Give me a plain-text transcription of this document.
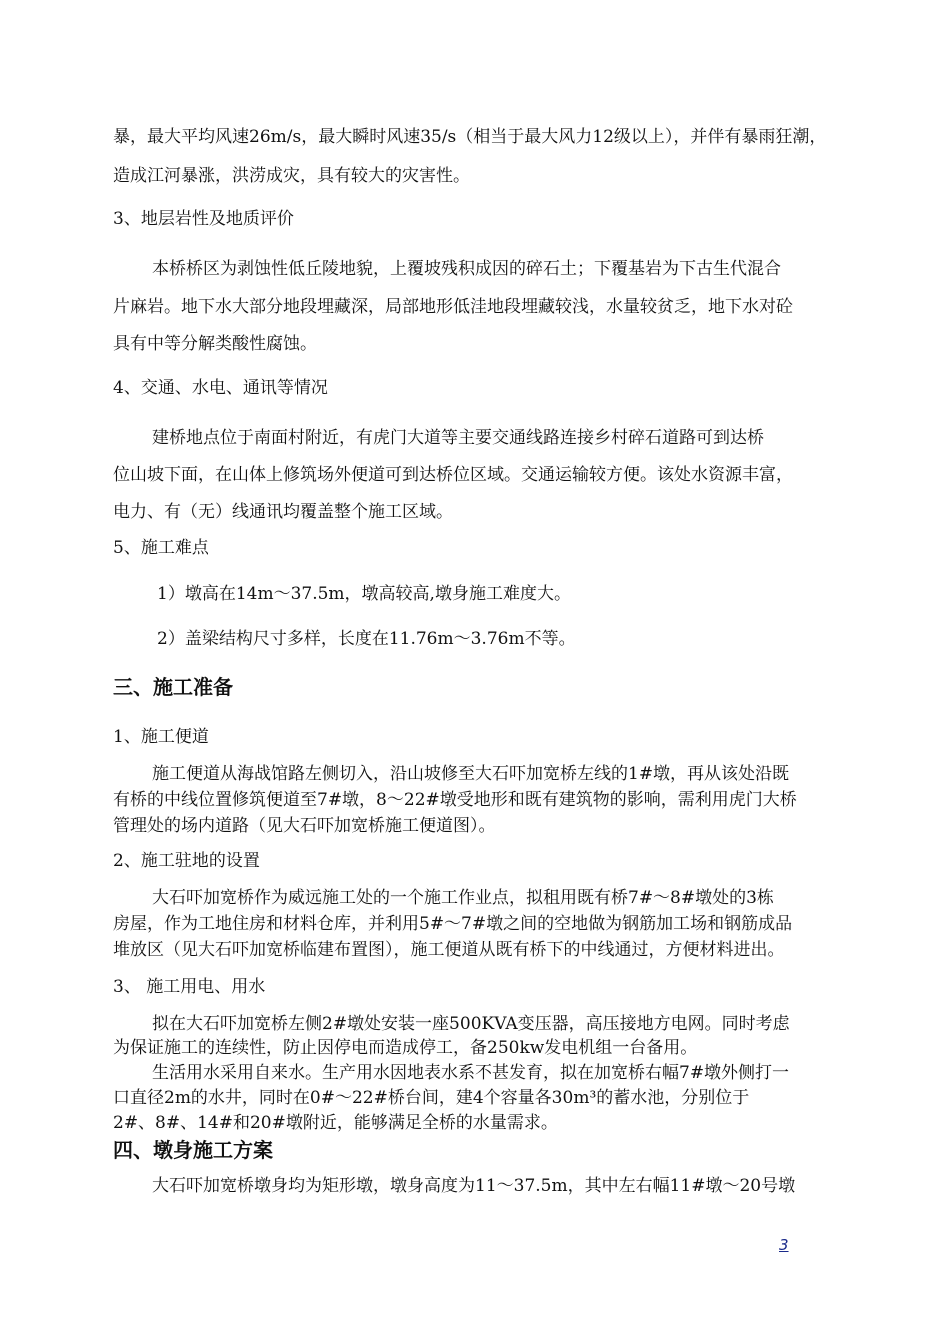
暴，最大平均风速26m/s，最大瞬时风速35/s（相当于最大风力12级以上），并伴有暴雨狂潮，
造成江河暴涨，洪涝成灾，具有较大的灾害性。
3、地层岩性及地质评价
本桥桥区为剥蚀性低丘陵地貌，上覆坡残积成因的碎石土；下覆基岩为下古生代混合
片麻岩。地下水大部分地段埋藏深，局部地形低洼地段埋藏较浅，水量较贫乏，地下水对砼
具有中等分解类酸性腐蚀。
4、交通、水电、通讯等情况
建桥地点位于南面村附近，有虎门大道等主要交通线路连接乡村碎石道路可到达桥
位山坡下面，在山体上修筑场外便道可到达桥位区域。交通运输较方便。该处水资源丰富，
电力、有（无）线通讯均覆盖整个施工区域。
5、施工难点
1）墩高在14m～37.5m，墩高较高,墩身施工难度大。
2）盖梁结构尺寸多样，长度在11.76m～3.76m不等。
三、施工准备
1、施工便道
施工便道从海战馆路左侧切入，沿山坡修至大石吓加宽桥左线的1#墩，再从该处沿既
有桥的中线位置修筑便道至7#墩，8～22#墩受地形和既有建筑物的影响，需利用虎门大桥
管理处的场内道路（见大石吓加宽桥施工便道图）。
2、施工驻地的设置
大石吓加宽桥作为威远施工处的一个施工作业点，拟租用既有桥7#～8#墩处的3栋
房屋，作为工地住房和材料仓库，并利用5#～7#墩之间的空地做为钢筋加工场和钢筋成品
堆放区（见大石吓加宽桥临建布置图），施工便道从既有桥下的中线通过，方便材料进出。
3、 施工用电、用水
拟在大石吓加宽桥左侧2#墩处安装一座500KVA变压器，高压接地方电网。同时考虑
为保证施工的连续性，防止因停电而造成停工，备250kw发电机组一台备用。
生活用水采用自来水。生产用水因地表水系不甚发育，拟在加宽桥右幅7#墩外侧打一
口直径2m的水井，同时在0#～22#桥台间，建4个容量各30m³的蓄水池，分别位于
2#、8#、14#和20#墩附近，能够满足全桥的水量需求。
四、墩身施工方案
大石吓加宽桥墩身均为矩形墩，墩身高度为11～37.5m，其中左右幅11#墩～20号墩
3
